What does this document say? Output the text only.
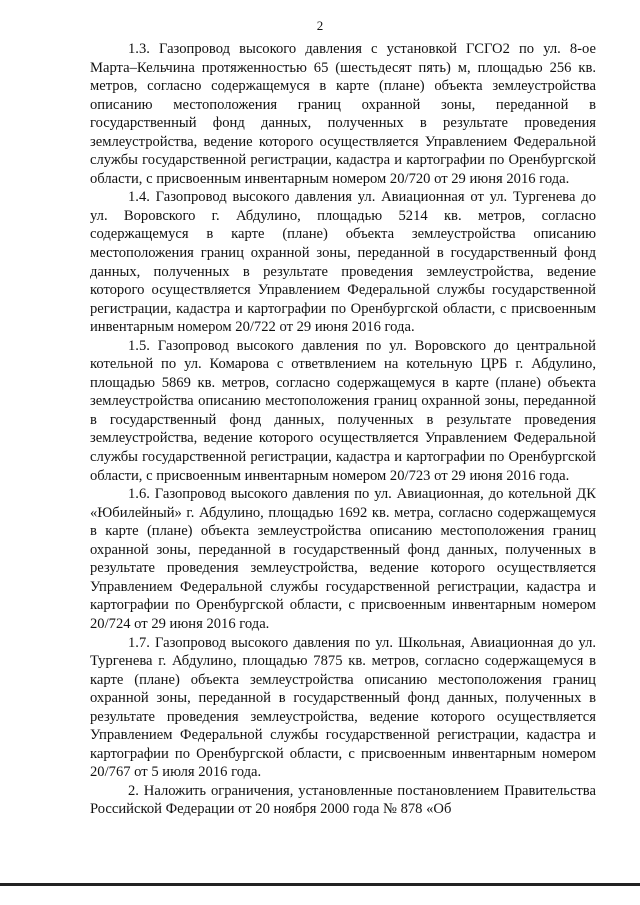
2

1.3. Газопровод высокого давления с установкой ГСГО2 по ул. 8-ое Марта–Кельчина протяженностью 65 (шестьдесят пять) м, площадью 256 кв. метров, согласно содержащемуся в карте (плане) объекта землеустройства описанию местоположения границ охранной зоны, переданной в государственный фонд данных, полученных в результате проведения землеустройства, ведение которого осуществляется Управлением Федеральной службы государственной регистрации, кадастра и картографии по Оренбургской области, с присвоенным инвентарным номером 20/720 от 29 июня 2016 года.

1.4. Газопровод высокого давления ул. Авиационная от ул. Тургенева до ул. Воровского г. Абдулино, площадью 5214 кв. метров, согласно содержащемуся в карте (плане) объекта землеустройства описанию местоположения границ охранной зоны, переданной в государственный фонд данных, полученных в результате проведения землеустройства, ведение которого осуществляется Управлением Федеральной службы государственной регистрации, кадастра и картографии по Оренбургской области, с присвоенным инвентарным номером 20/722 от 29 июня 2016 года.

1.5. Газопровод высокого давления по ул. Воровского до центральной котельной по ул. Комарова с ответвлением на котельную ЦРБ г. Абдулино, площадью 5869 кв. метров, согласно содержащемуся в карте (плане) объекта землеустройства описанию местоположения границ охранной зоны, переданной в государственный фонд данных, полученных в результате проведения землеустройства, ведение которого осуществляется Управлением Федеральной службы государственной регистрации, кадастра и картографии по Оренбургской области, с присвоенным инвентарным номером 20/723 от 29 июня 2016 года.

1.6. Газопровод высокого давления по ул. Авиационная, до котельной ДК «Юбилейный» г. Абдулино, площадью 1692 кв. метра, согласно содержащемуся в карте (плане) объекта землеустройства описанию местоположения границ охранной зоны, переданной в государственный фонд данных, полученных в результате проведения землеустройства, ведение которого осуществляется Управлением Федеральной службы государственной регистрации, кадастра и картографии по Оренбургской области, с присвоенным инвентарным номером 20/724 от 29 июня 2016 года.

1.7. Газопровод высокого давления по ул. Школьная, Авиационная до ул. Тургенева г. Абдулино, площадью 7875 кв. метров, согласно содержащемуся в карте (плане) объекта землеустройства описанию местоположения границ охранной зоны, переданной в государственный фонд данных, полученных в результате проведения землеустройства, ведение которого осуществляется Управлением Федеральной службы государственной регистрации, кадастра и картографии по Оренбургской области, с присвоенным инвентарным номером 20/767 от 5 июля 2016 года.

2. Наложить ограничения, установленные постановлением Правительства Российской Федерации от 20 ноября 2000 года № 878 «Об
